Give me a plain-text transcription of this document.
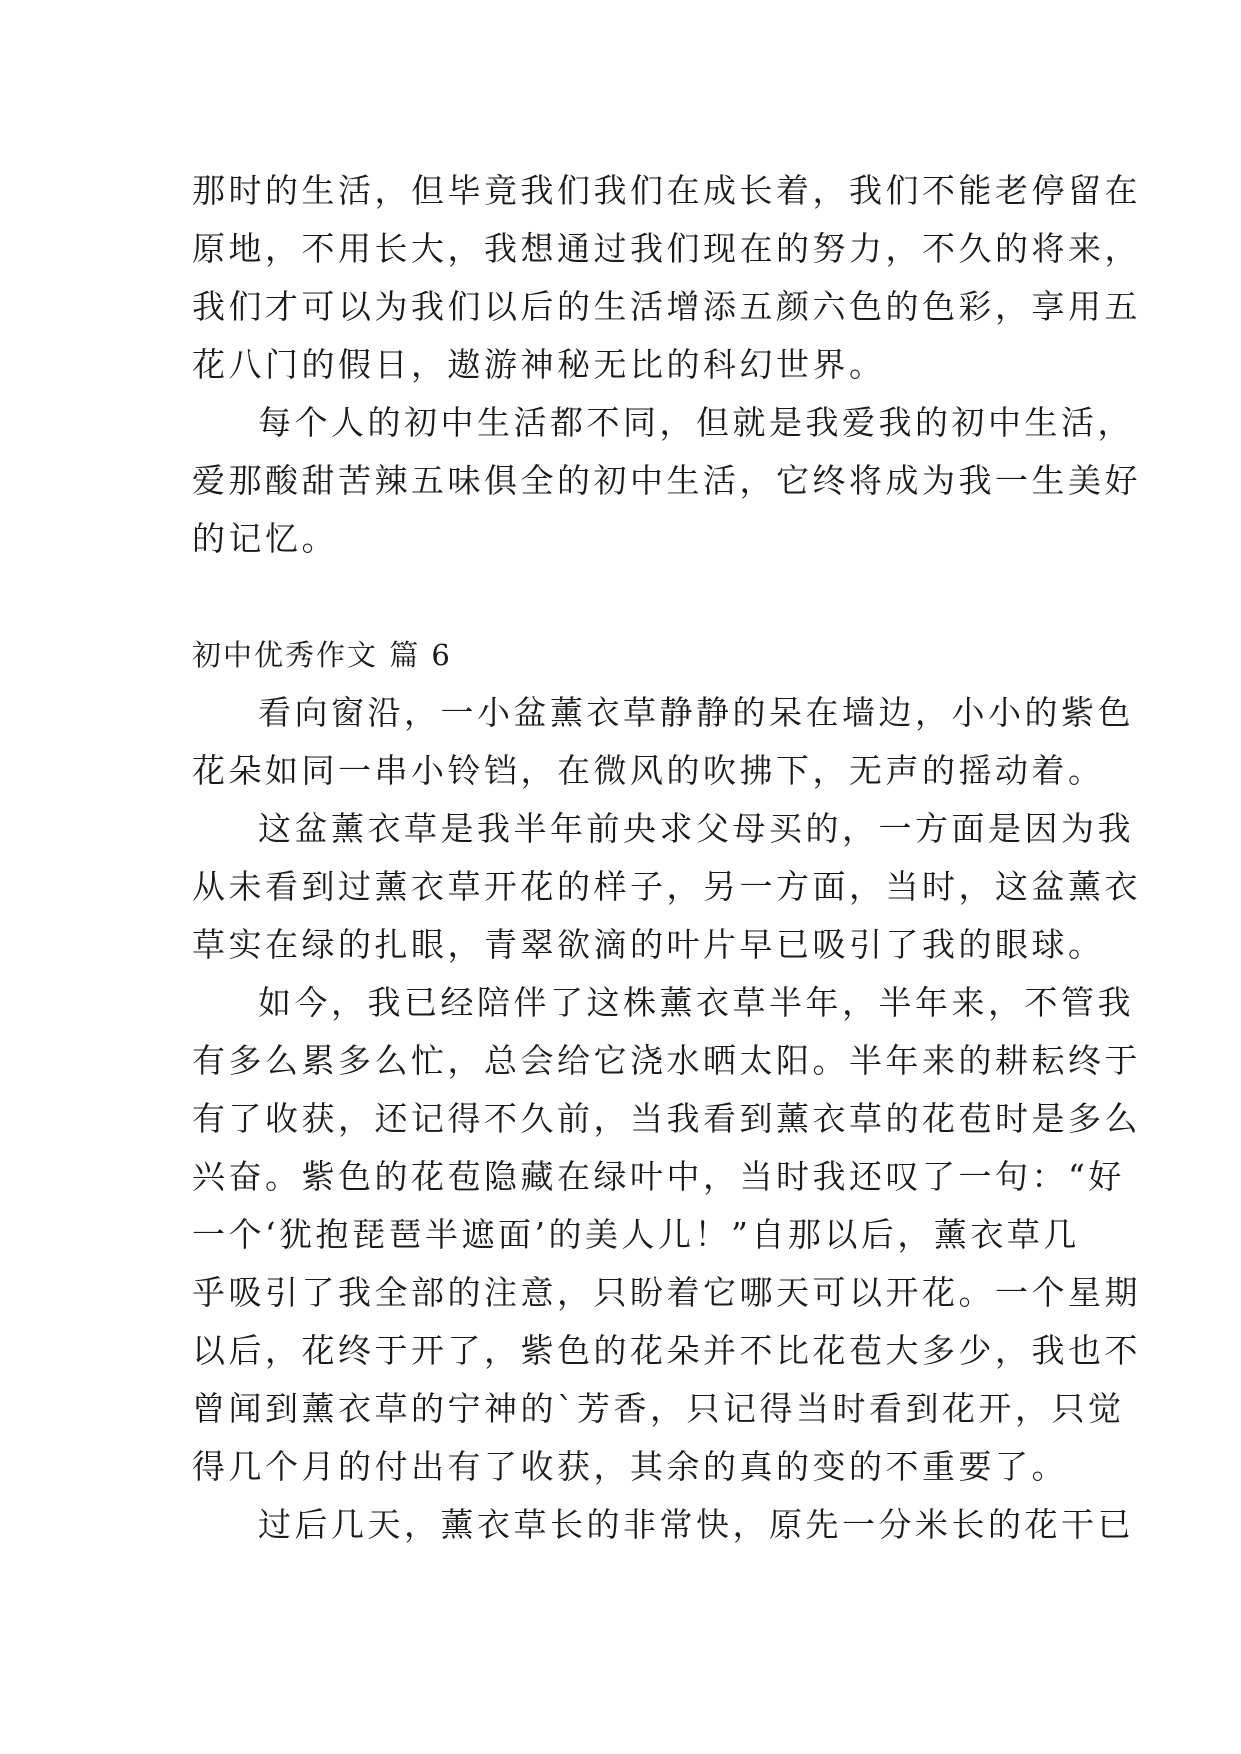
那时的生活，但毕竟我们我们在成长着，我们不能老停留在
原地，不用长大，我想通过我们现在的努力，不久的将来，
我们才可以为我们以后的生活增添五颜六色的色彩，享用五
花八门的假日，遨游神秘无比的科幻世界。
每个人的初中生活都不同，但就是我爱我的初中生活，
爱那酸甜苦辣五味俱全的初中生活，它终将成为我一生美好
的记忆。
初中优秀作文 篇 6
看向窗沿，一小盆薰衣草静静的呆在墙边，小小的紫色
花朵如同一串小铃铛，在微风的吹拂下，无声的摇动着。
这盆薰衣草是我半年前央求父母买的，一方面是因为我
从未看到过薰衣草开花的样子，另一方面，当时，这盆薰衣
草实在绿的扎眼，青翠欲滴的叶片早已吸引了我的眼球。
如今，我已经陪伴了这株薰衣草半年，半年来，不管我
有多么累多么忙，总会给它浇水晒太阳。半年来的耕耘终于
有了收获，还记得不久前，当我看到薰衣草的花苞时是多么
兴奋。紫色的花苞隐藏在绿叶中，当时我还叹了一句：“好
一个‘犹抱琵琶半遮面’的美人儿！”自那以后，薰衣草几
乎吸引了我全部的注意，只盼着它哪天可以开花。一个星期
以后，花终于开了，紫色的花朵并不比花苞大多少，我也不
曾闻到薰衣草的宁神的`芳香，只记得当时看到花开，只觉
得几个月的付出有了收获，其余的真的变的不重要了。
过后几天，薰衣草长的非常快，原先一分米长的花干已
